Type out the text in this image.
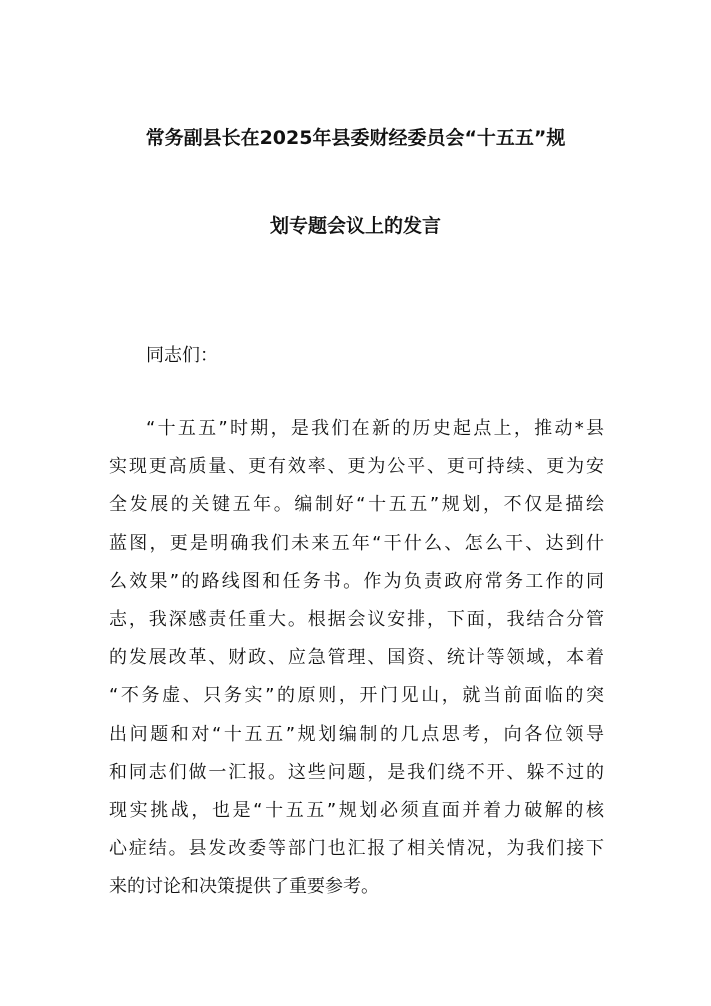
常务副县长在2025年县委财经委员会“十五五”规
划专题会议上的发言
同志们：
“十五五”时期，是我们在新的历史起点上，推动*县
实现更高质量、更有效率、更为公平、更可持续、更为安
全发展的关键五年。编制好“十五五”规划，不仅是描绘
蓝图，更是明确我们未来五年“干什么、怎么干、达到什
么效果”的路线图和任务书。作为负责政府常务工作的同
志，我深感责任重大。根据会议安排，下面，我结合分管
的发展改革、财政、应急管理、国资、统计等领域，本着
“不务虚、只务实”的原则，开门见山，就当前面临的突
出问题和对“十五五”规划编制的几点思考，向各位领导
和同志们做一汇报。这些问题，是我们绕不开、躲不过的
现实挑战，也是“十五五”规划必须直面并着力破解的核
心症结。县发改委等部门也汇报了相关情况，为我们接下
来的讨论和决策提供了重要参考。
